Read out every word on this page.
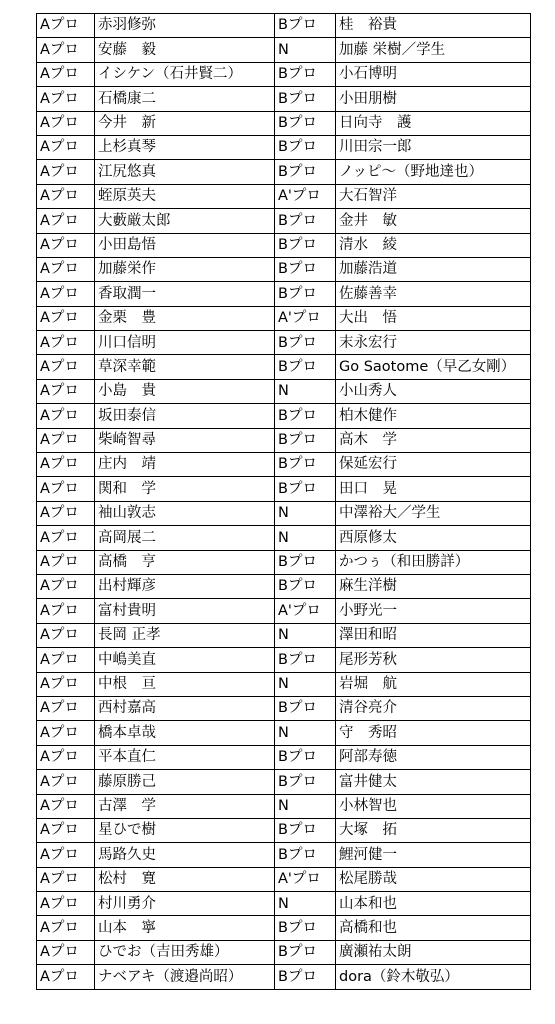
Aプロ	赤羽修弥	Bプロ	桂　裕貴
Aプロ	安藤　毅	N	加藤 栄樹／学生
Aプロ	イシケン（石井賢二）	Bプロ	小石博明
Aプロ	石橋康二	Bプロ	小田朋樹
Aプロ	今井　新	Bプロ	日向寺　護
Aプロ	上杉真琴	Bプロ	川田宗一郎
Aプロ	江尻悠真	Bプロ	ノッピ～（野地達也）
Aプロ	蛭原英夫	A'プロ	大石智洋
Aプロ	大藪厳太郎	Bプロ	金井　敏
Aプロ	小田島悟	Bプロ	清水　綾
Aプロ	加藤栄作	Bプロ	加藤浩道
Aプロ	香取潤一	Bプロ	佐藤善幸
Aプロ	金栗　豊	A'プロ	大出　悟
Aプロ	川口信明	Bプロ	末永宏行
Aプロ	草深幸範	Bプロ	Go Saotome（早乙女剛）
Aプロ	小島　貴	N	小山秀人
Aプロ	坂田泰信	Bプロ	柏木健作
Aプロ	柴崎智尋	Bプロ	高木　学
Aプロ	庄内　靖	Bプロ	保延宏行
Aプロ	関和　学	Bプロ	田口　晃
Aプロ	袖山敦志	N	中澤裕大／学生
Aプロ	高岡展二	N	西原修太
Aプロ	高橋　亨	Bプロ	かつぅ（和田勝詳）
Aプロ	出村輝彦	Bプロ	麻生洋樹
Aプロ	富村貴明	A'プロ	小野光一
Aプロ	長岡 正孝	N	澤田和昭
Aプロ	中嶋美直	Bプロ	尾形芳秋
Aプロ	中根　亘	N	岩堀　航
Aプロ	西村嘉高	Bプロ	清谷亮介
Aプロ	橋本卓哉	N	守　秀昭
Aプロ	平本直仁	Bプロ	阿部寿徳
Aプロ	藤原勝己	Bプロ	富井健太
Aプロ	古澤　学	N	小林智也
Aプロ	星ひで樹	Bプロ	大塚　拓
Aプロ	馬路久史	Bプロ	鯉河健一
Aプロ	松村　寛	A'プロ	松尾勝哉
Aプロ	村川勇介	N	山本和也
Aプロ	山本　寧	Bプロ	高橋和也
Aプロ	ひでお（吉田秀雄）	Bプロ	廣瀬祐太朗
Aプロ	ナベアキ（渡邉尚昭）	Bプロ	dora（鈴木敬弘）
